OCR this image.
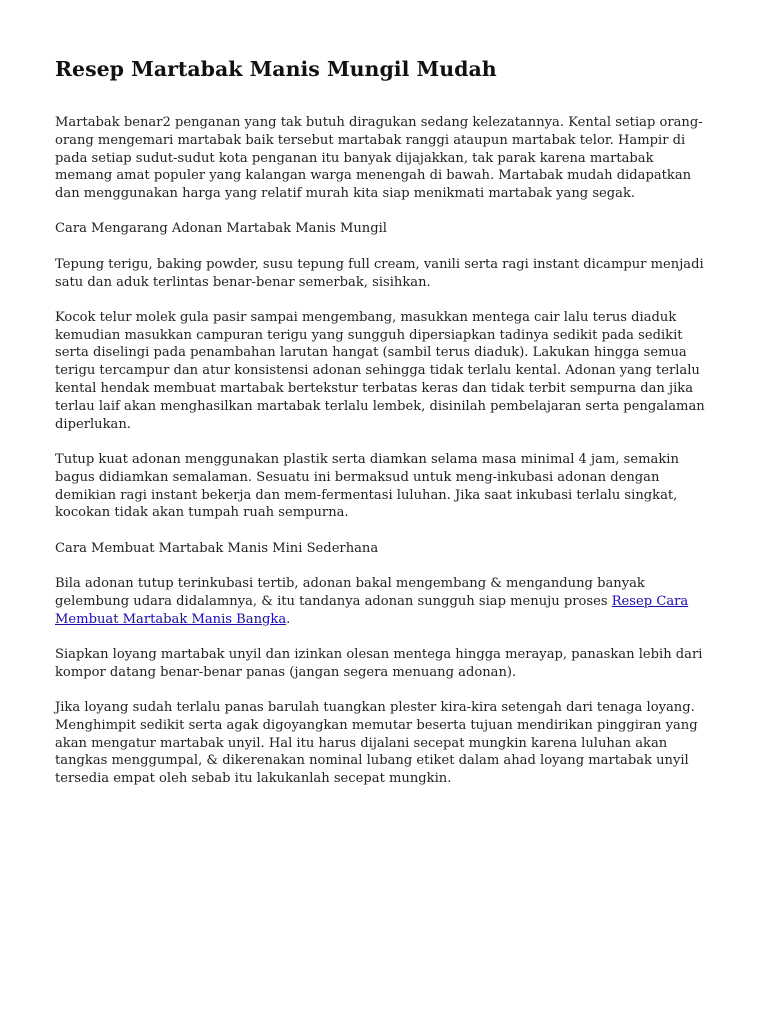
Resep Martabak Manis Mungil Mudah

Martabak benar2 penganan yang tak butuh diragukan sedang kelezatannya. Kental setiap orang-orang mengemari martabak baik tersebut martabak ranggi ataupun martabak telor. Hampir di pada setiap sudut-sudut kota penganan itu banyak dijajakkan, tak parak karena martabak memang amat populer yang kalangan warga menengah di bawah. Martabak mudah didapatkan dan menggunakan harga yang relatif murah kita siap menikmati martabak yang segak.

Cara Mengarang Adonan Martabak Manis Mungil

Tepung terigu, baking powder, susu tepung full cream, vanili serta ragi instant dicampur menjadi satu dan aduk terlintas benar-benar semerbak, sisihkan.

Kocok telur molek gula pasir sampai mengembang, masukkan mentega cair lalu terus diaduk kemudian masukkan campuran terigu yang sungguh dipersiapkan tadinya sedikit pada sedikit serta diselingi pada penambahan larutan hangat (sambil terus diaduk). Lakukan hingga semua terigu tercampur dan atur konsistensi adonan sehingga tidak terlalu kental. Adonan yang terlalu kental hendak membuat martabak bertekstur terbatas keras dan tidak terbit sempurna dan jika terlau laif akan menghasilkan martabak terlalu lembek, disinilah pembelajaran serta pengalaman diperlukan.

Tutup kuat adonan menggunakan plastik serta diamkan selama masa minimal 4 jam, semakin bagus didiamkan semalaman. Sesuatu ini bermaksud untuk meng-inkubasi adonan dengan demikian ragi instant bekerja dan mem-fermentasi luluhan. Jika saat inkubasi terlalu singkat, kocokan tidak akan tumpah ruah sempurna.

Cara Membuat Martabak Manis Mini Sederhana

Bila adonan tutup terinkubasi tertib, adonan bakal mengembang & mengandung banyak gelembung udara didalamnya, & itu tandanya adonan sungguh siap menuju proses Resep Cara Membuat Martabak Manis Bangka.

Siapkan loyang martabak unyil dan izinkan olesan mentega hingga merayap, panaskan lebih dari kompor datang benar-benar panas (jangan segera menuang adonan).

Jika loyang sudah terlalu panas barulah tuangkan plester kira-kira setengah dari tenaga loyang. Menghimpit sedikit serta agak digoyangkan memutar beserta tujuan mendirikan pinggiran yang akan mengatur martabak unyil. Hal itu harus dijalani secepat mungkin karena luluhan akan tangkas menggumpal, & dikerenakan nominal lubang etiket dalam ahad loyang martabak unyil tersedia empat oleh sebab itu lakukanlah secepat mungkin.
